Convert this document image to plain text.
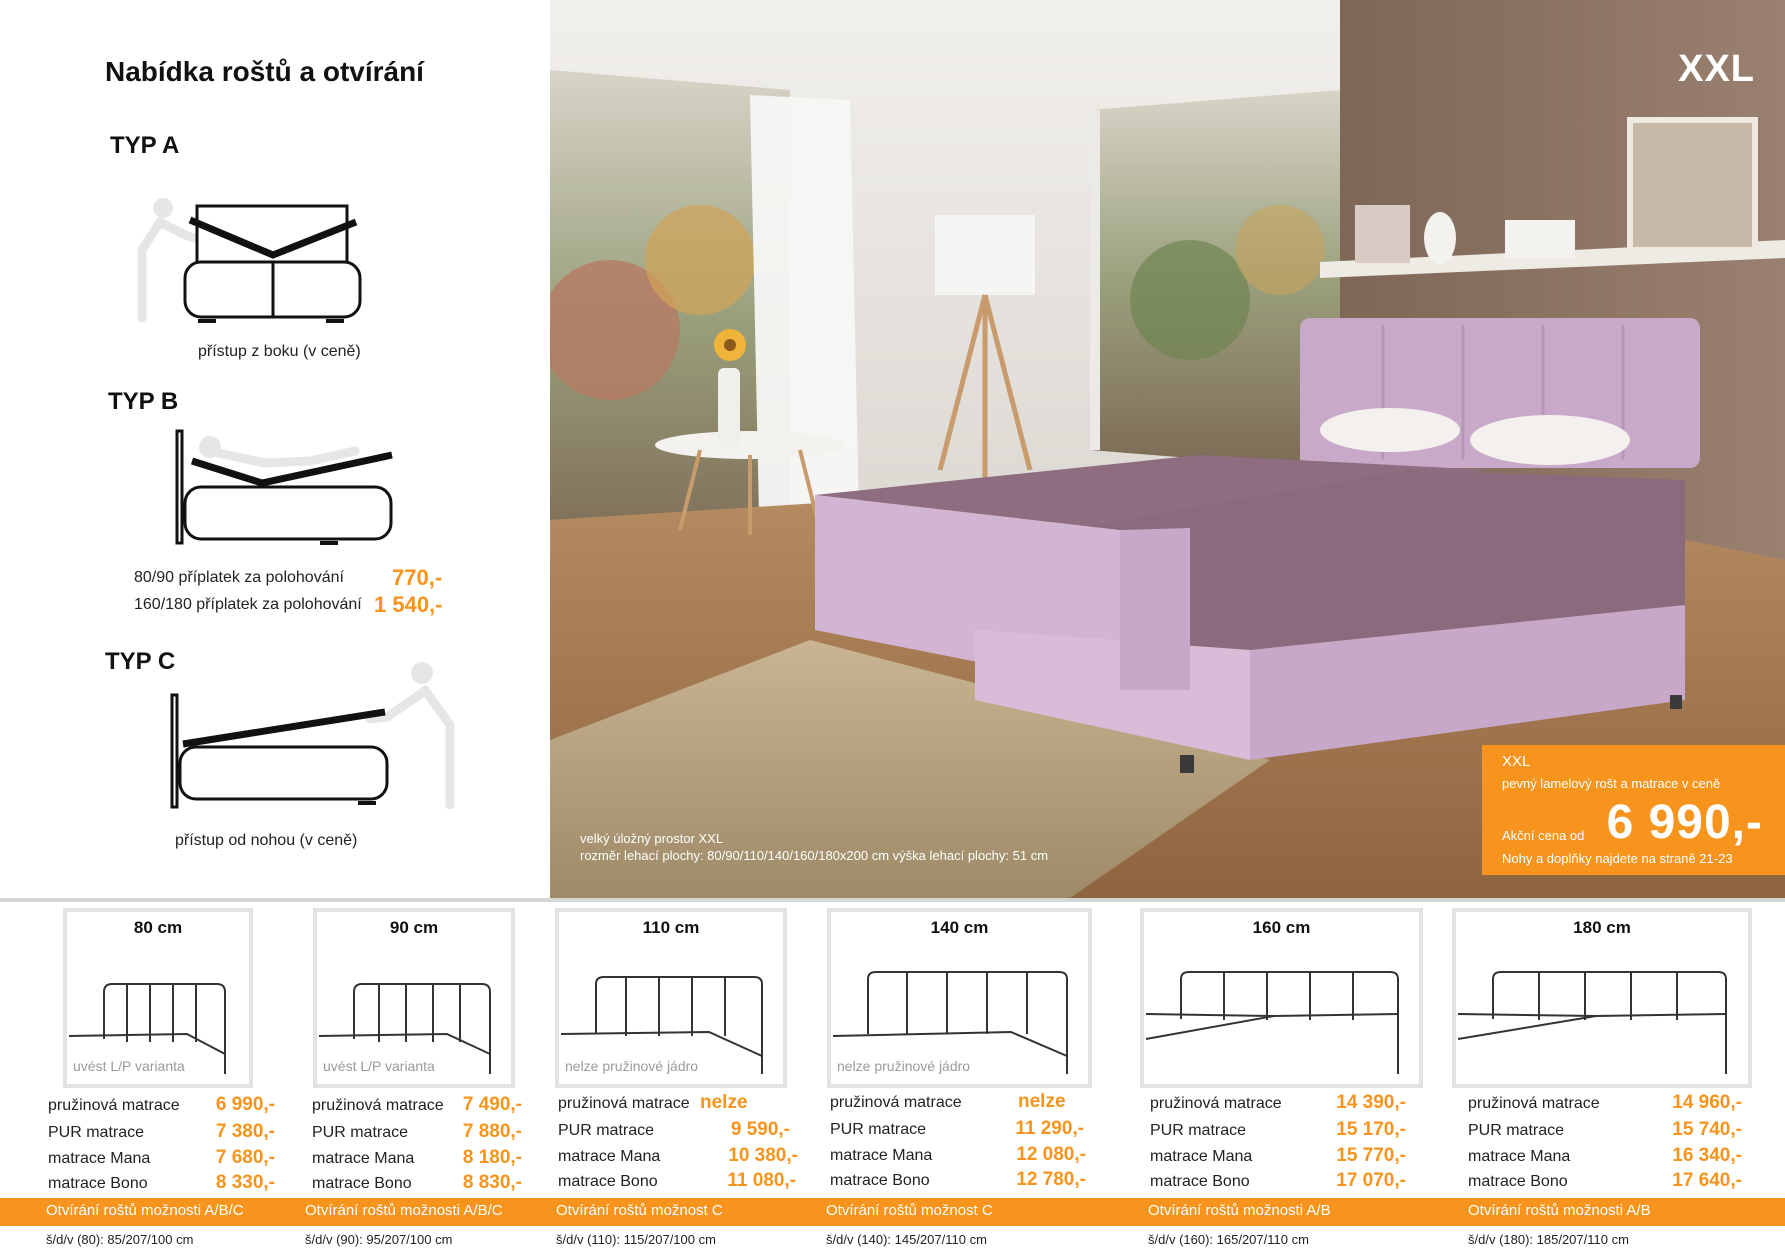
Nabídka roštů a otvírání
TYP A
přístup z boku (v ceně)
TYP B
80/90 příplatek za polohování 770,-
160/180 příplatek za polohování 1 540,-
TYP C
přístup od nohou (v ceně)
XXL
velký úložný prostor XXL
rozměr lehací plochy: 80/90/110/140/160/180x200 cm výška lehací plochy: 51 cm
XXL
pevný lamelový rošt a matrace v ceně
Akční cena od 6 990,-
Nohy a doplňky najdete na straně 21-23
80 cm
uvést L/P varianta
90 cm
uvést L/P varianta
110 cm
nelze pružinové jádro
140 cm
nelze pružinové jádro
160 cm	180 cm
pružinová matrace	6 990,-
PUR matrace	7 380,-
matrace Mana	7 680,-
matrace Bono	8 330,-
pružinová matrace	7 490,-
PUR matrace	7 880,-
matrace Mana	8 180,-
matrace Bono	8 830,-
pružinová matrace nelze
PUR matrace	9 590,-
matrace Mana	10 380,-
matrace Bono	11 080,-
pružinová matrace	nelze
PUR matrace	11 290,-
matrace Mana	12 080,-
matrace Bono	12 780,-
pružinová matrace	14 390,-
PUR matrace	15 170,-
matrace Mana	15 770,-
matrace Bono	17 070,-
pružinová matrace	14 960,-
PUR matrace	15 740,-
matrace Mana	16 340,-
matrace Bono	17 640,-
Otvírání roštů možnosti A/B/C	Otvírání roštů možnosti A/B/C	Otvírání roštů možnost C	Otvírání roštů možnost C	Otvírání roštů možnosti A/B	Otvírání roštů možnosti A/B
š/d/v (80): 85/207/100 cm	š/d/v (90): 95/207/100 cm	š/d/v (110): 115/207/100 cm	š/d/v (140): 145/207/110 cm	š/d/v (160): 165/207/110 cm	š/d/v (180): 185/207/110 cm
